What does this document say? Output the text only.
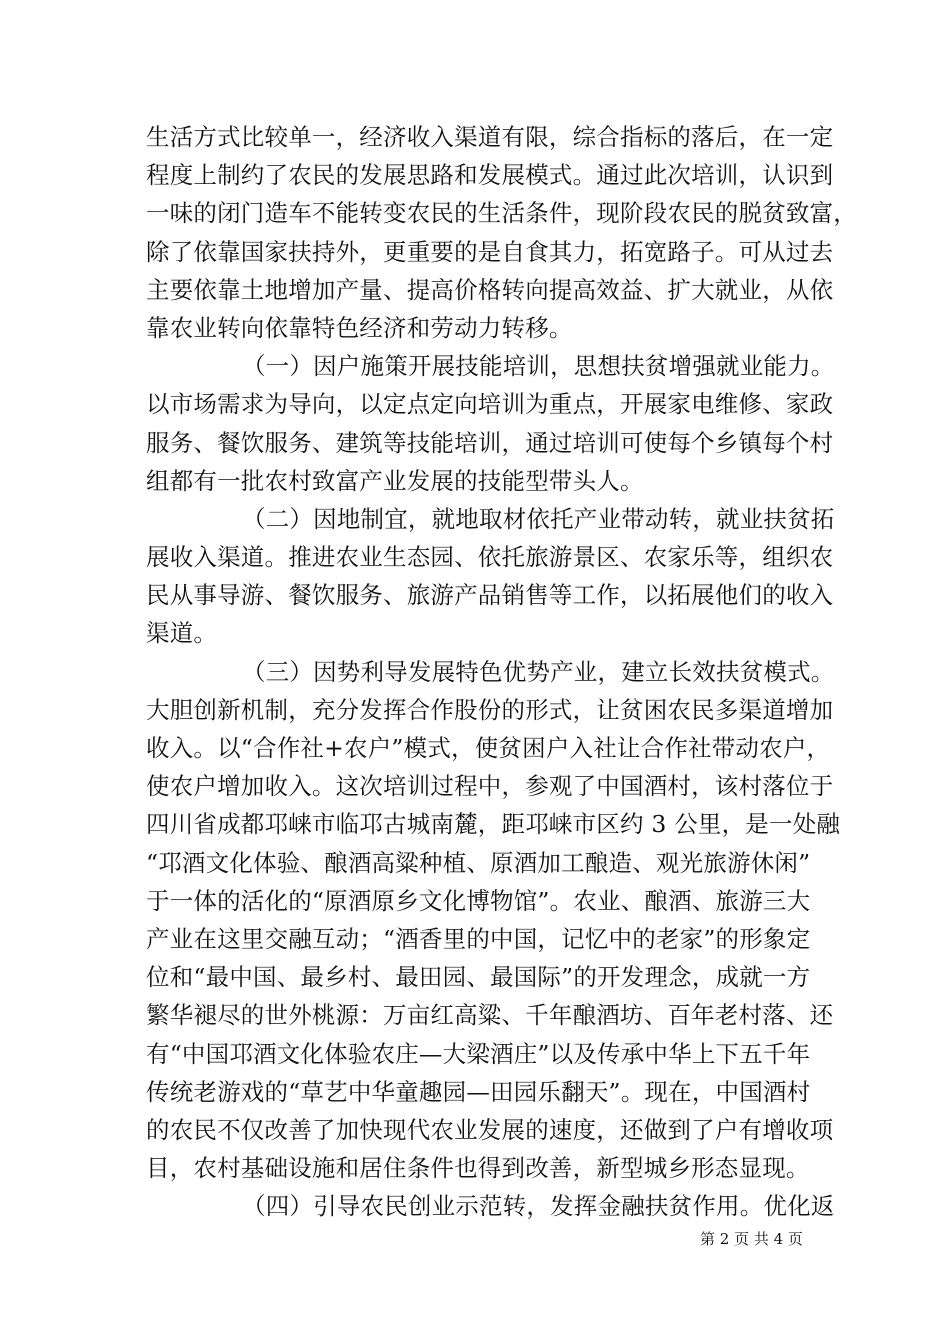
生活方式比较单一，经济收入渠道有限，综合指标的落后，在一定
程度上制约了农民的发展思路和发展模式。通过此次培训，认识到
一味的闭门造车不能转变农民的生活条件，现阶段农民的脱贫致富，
除了依靠国家扶持外，更重要的是自食其力，拓宽路子。可从过去
主要依靠土地增加产量、提高价格转向提高效益、扩大就业，从依
靠农业转向依靠特色经济和劳动力转移。
（一）因户施策开展技能培训，思想扶贫增强就业能力。
以市场需求为导向，以定点定向培训为重点，开展家电维修、家政
服务、餐饮服务、建筑等技能培训，通过培训可使每个乡镇每个村
组都有一批农村致富产业发展的技能型带头人。
（二）因地制宜，就地取材依托产业带动转，就业扶贫拓
展收入渠道。推进农业生态园、依托旅游景区、农家乐等，组织农
民从事导游、餐饮服务、旅游产品销售等工作，以拓展他们的收入
渠道。
（三）因势利导发展特色优势产业，建立长效扶贫模式。
大胆创新机制，充分发挥合作股份的形式，让贫困农民多渠道增加
收入。以“合作社+农户”模式，使贫困户入社让合作社带动农户，
使农户增加收入。这次培训过程中，参观了中国酒村，该村落位于
四川省成都邛崃市临邛古城南麓，距邛崃市区约 3 公里，是一处融
“邛酒文化体验、酿酒高粱种植、原酒加工酿造、观光旅游休闲”
于一体的活化的“原酒原乡文化博物馆”。农业、酿酒、旅游三大
产业在这里交融互动；“酒香里的中国，记忆中的老家”的形象定
位和“最中国、最乡村、最田园、最国际”的开发理念，成就一方
繁华褪尽的世外桃源：万亩红高粱、千年酿酒坊、百年老村落、还
有“中国邛酒文化体验农庄—大梁酒庄”以及传承中华上下五千年
传统老游戏的“草艺中华童趣园—田园乐翻天”。现在，中国酒村
的农民不仅改善了加快现代农业发展的速度，还做到了户有增收项
目，农村基础设施和居住条件也得到改善，新型城乡形态显现。
（四）引导农民创业示范转，发挥金融扶贫作用。优化返
第 2 页 共 4 页
